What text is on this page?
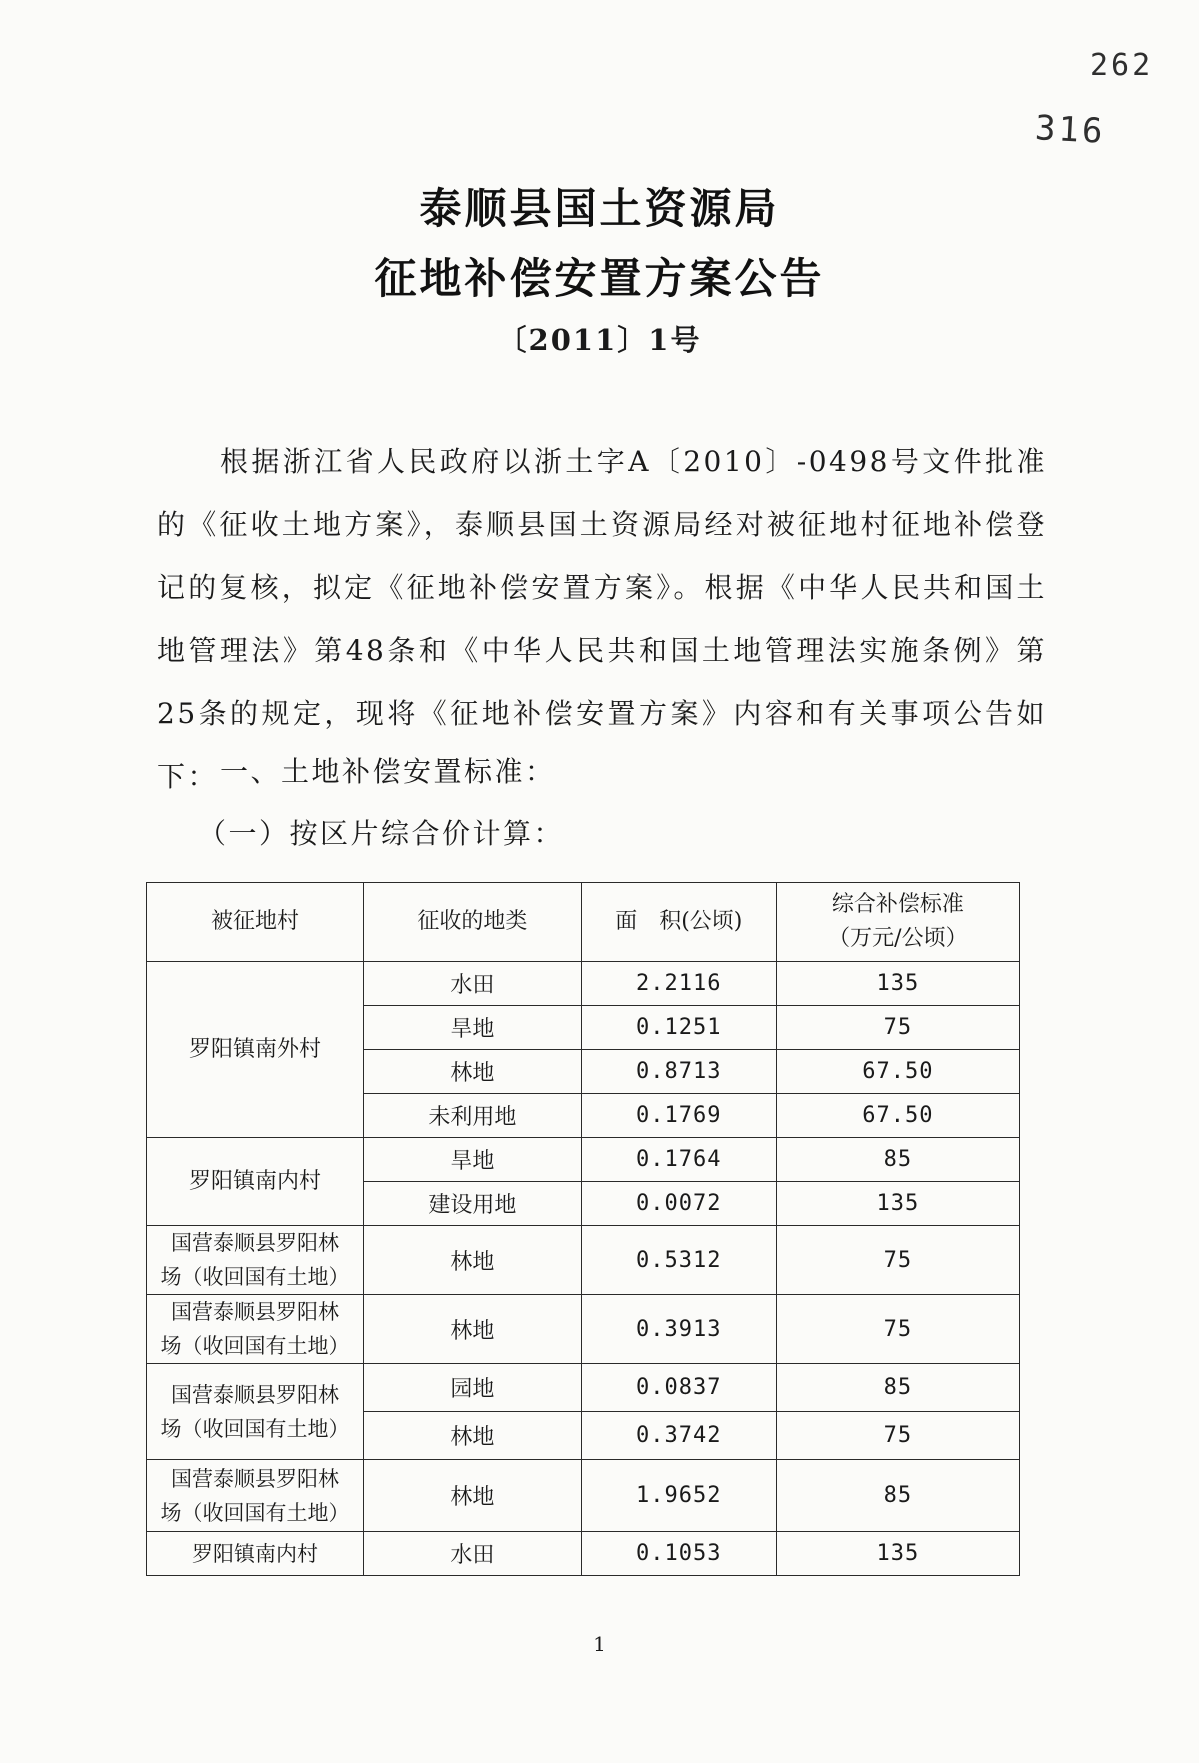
262
316
泰顺县国土资源局
征地补偿安置方案公告
〔2011〕1号

根据浙江省人民政府以浙土字A〔2010〕-0498号文件批准的《征收土地方案》，泰顺县国土资源局经对被征地村征地补偿登记的复核，拟定《征地补偿安置方案》。根据《中华人民共和国土地管理法》第48条和《中华人民共和国土地管理法实施条例》第25条的规定，现将《征地补偿安置方案》内容和有关事项公告如下： 一、土地补偿安置标准：
（一）按区片综合价计算：
被征地村	征收的地类	面　积(公顷)	综合补偿标准
（万元/公顷）

罗阳镇南外村	水田	2.2116	135
	旱地	0.1251	75
	林地	0.8713	67.50
	未利用地	0.1769	67.50
罗阳镇南内村	旱地	0.1764	85
	建设用地	0.0072	135

国营泰顺县罗阳林
场（收回国有土地）	林地	0.5312	75

国营泰顺县罗阳林
场（收回国有土地）	林地	0.3913	75

国营泰顺县罗阳林
场（收回国有土地）	园地	0.0837	85
	林地	0.3742	75

国营泰顺县罗阳林
场（收回国有土地）	林地	1.9652	85
罗阳镇南内村	水田	0.1053	135
1
